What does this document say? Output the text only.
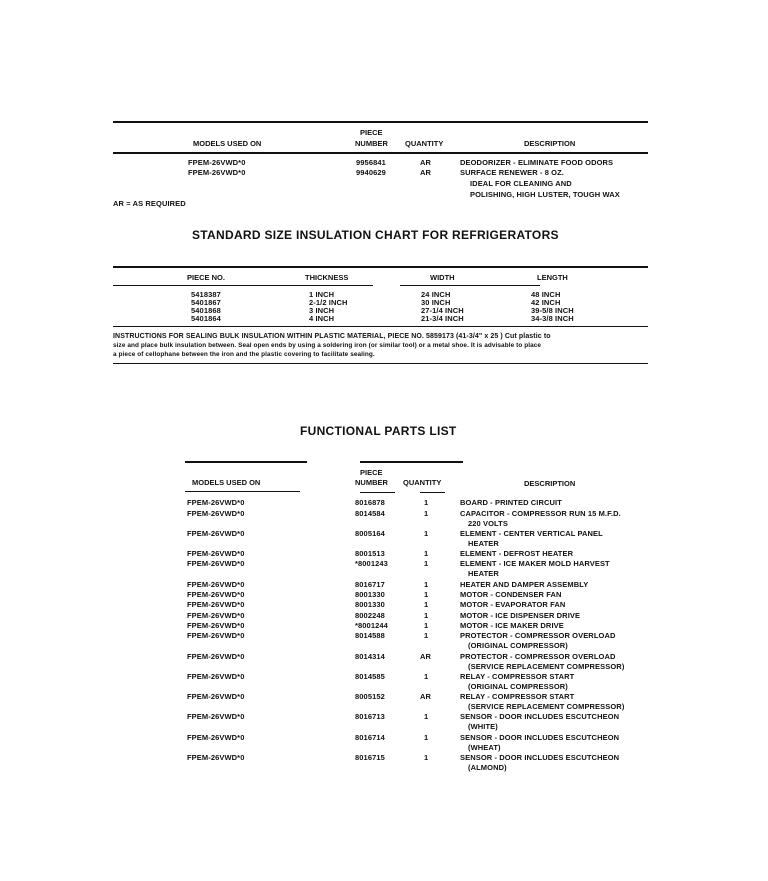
PIECE
MODELS USED ON	NUMBER QUANTITY	DESCRIPTION
FPEM-26VWD*0	9956841	AR	DEODORIZER - ELIMINATE FOOD ODORS
FPEM-26VWD*0	9940629	AR	SURFACE RENEWER - 8 OZ.
IDEAL FOR CLEANING AND
POLISHING, HIGH LUSTER, TOUGH WAX
AR = AS REQUIRED
STANDARD SIZE INSULATION CHART FOR REFRIGERATORS
PIECE NO.	THICKNESS	WIDTH	LENGTH
5418387	1 INCH	24 INCH	48 INCH
5401867	2-1/2 INCH	30 INCH	42 INCH
5401868	3 INCH	27-1/4 INCH	39-5/8 INCH
5401864	4 INCH	21-3/4 INCH	34-3/8 INCH
INSTRUCTIONS FOR SEALING BULK INSULATION WITHIN PLASTIC MATERIAL, PIECE NO. 5859173 (41-3/4" x 25 ) Cut plastic to
size and place bulk insulation between. Seal open ends by using a soldering iron (or similar tool) or a metal shoe. It is advisable to place
a piece of cellophane between the iron and the plastic covering to facilitate sealing.
FUNCTIONAL PARTS LIST
PIECE
MODELS USED ON	NUMBER QUANTITY	DESCRIPTION
FPEM-26VWD*0	8016878	1	BOARD - PRINTED CIRCUIT
FPEM-26VWD*0	8014584	1	CAPACITOR - COMPRESSOR RUN 15 M.F.D.
220 VOLTS
FPEM-26VWD*0	8005164	1	ELEMENT - CENTER VERTICAL PANEL
HEATER
FPEM-26VWD*0	8001513	1	ELEMENT - DEFROST HEATER
FPEM-26VWD*0	*8001243	1	ELEMENT - ICE MAKER MOLD HARVEST
HEATER
FPEM-26VWD*0	8016717	1	HEATER AND DAMPER ASSEMBLY
FPEM-26VWD*0	8001330	1	MOTOR - CONDENSER FAN
FPEM-26VWD*0	8001330	1	MOTOR - EVAPORATOR FAN
FPEM-26VWD*0	8002248	1	MOTOR - ICE DISPENSER DRIVE
FPEM-26VWD*0	*8001244	1	MOTOR - ICE MAKER DRIVE
FPEM-26VWD*0	8014588	1	PROTECTOR - COMPRESSOR OVERLOAD
(ORIGINAL COMPRESSOR)
FPEM-26VWD*0	8014314	AR	PROTECTOR - COMPRESSOR OVERLOAD
(SERVICE REPLACEMENT COMPRESSOR)
FPEM-26VWD*0	8014585	1	RELAY - COMPRESSOR START
(ORIGINAL COMPRESSOR)
FPEM-26VWD*0	8005152	AR	RELAY - COMPRESSOR START
(SERVICE REPLACEMENT COMPRESSOR)
FPEM-26VWD*0	8016713	1	SENSOR - DOOR INCLUDES ESCUTCHEON
(WHITE)
FPEM-26VWD*0	8016714	1	SENSOR - DOOR INCLUDES ESCUTCHEON
(WHEAT)
FPEM-26VWD*0	8016715	1	SENSOR - DOOR INCLUDES ESCUTCHEON
(ALMOND)
